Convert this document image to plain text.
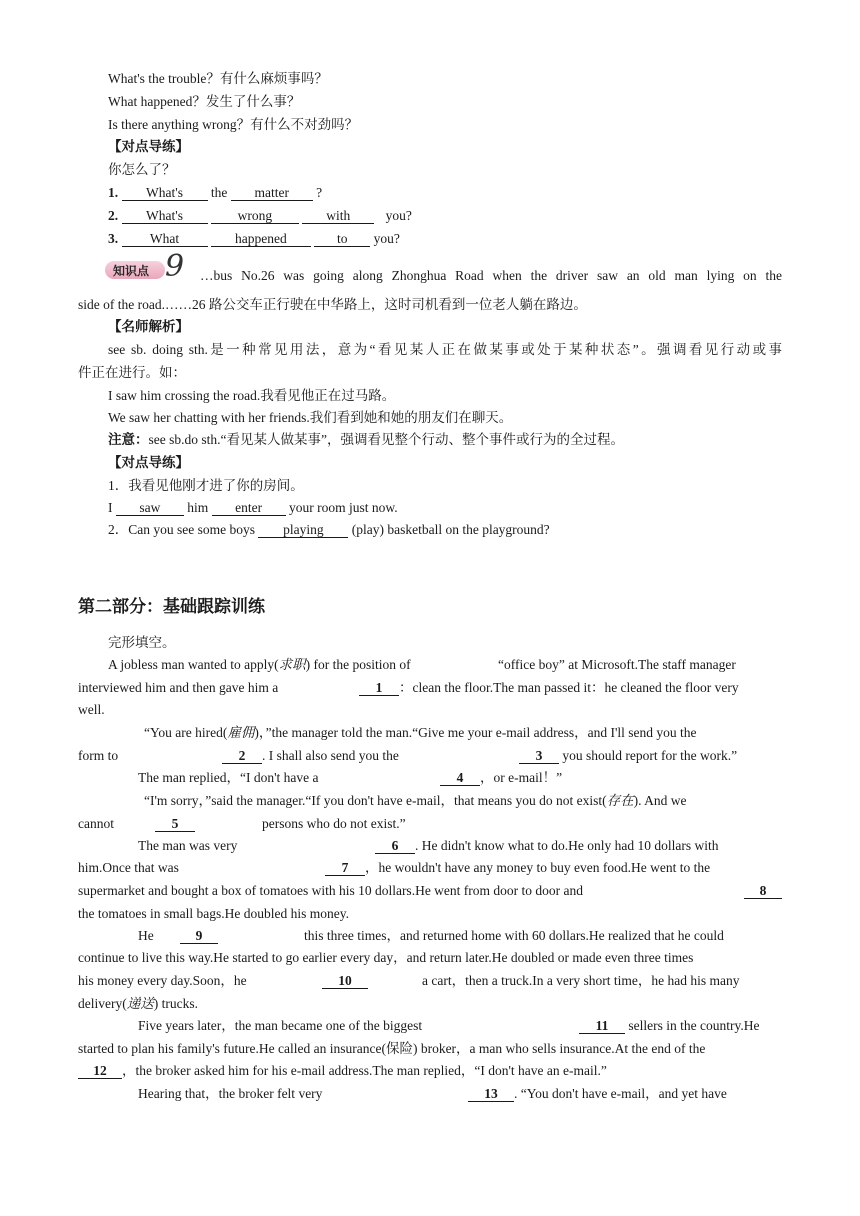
What's the trouble？有什么麻烦事吗？
What happened？发生了什么事？
Is there anything wrong？有什么不对劲吗？
【对点导练】
你怎么了？
1. What's the matter ?
2. What's	wrong	with	you?
3. What	happened	to you?
知识点 9 …bus No.26 was going along Zhonghua Road when the driver saw an old man lying on the
side of the road.……26 路公交车正行驶在中华路上，这时司机看到一位老人躺在路边。
【名师解析】
see sb. doing sth.是一种常见用法，意为“看见某人正在做某事或处于某种状态”。强调看见行动或事
件正在进行。如：
I saw him crossing the road.我看见他正在过马路。
We saw her chatting with her friends.我们看到她和她的朋友们在聊天。
注意：see sb.do sth.“看见某人做某事”，强调看见整个行动、整个事件或行为的全过程。
【对点导练】
1．我看见他刚才进了你的房间。
I saw him enter your room just now.
2．Can you see some boys playing (play) basketball on the playground?
第二部分：基础跟踪训练
完形填空。
A jobless man wanted to apply(求职) for the position of	“office boy” at Microsoft.The staff manager
interviewed him and then gave him a	1 ：clean the floor.The man passed it：he cleaned the floor very
well.
“You are hired(雇佣)，”the manager told the man.“Give me your e-mail address，and I'll send you the
form to	2 . I shall also send you the	3 you should report for the work.”
The man replied，“I don't have a	4 ，or e-mail！”
“I'm sorry，”said the manager.“If you don't have e-mail，that means you do not exist(存在). And we
cannot	5	persons who do not exist.”
The man was very	6 . He didn't know what to do.He only had 10 dollars with
him.Once that was	7 ，he wouldn't have any money to buy even food.He went to the
supermarket and bought a box of tomatoes with his 10 dollars.He went from door to door and	8
the tomatoes in small bags.He doubled his money.
He	9	this three times，and returned home with 60 dollars.He realized that he could
continue to live this way.He started to go earlier every day，and return later.He doubled or made even three times
his money every day.Soon，he	10	a cart，then a truck.In a very short time，he had his many
delivery(递送) trucks.
Five years later，the man became one of the biggest	11 sellers in the country.He
started to plan his family's future.He called an insurance(保险) broker，a man who sells insurance.At the end of the
12 ，the broker asked him for his e-mail address.The man replied，“I don't have an e-mail.”
Hearing that，the broker felt very	13 . “You don't have e-mail，and yet have
